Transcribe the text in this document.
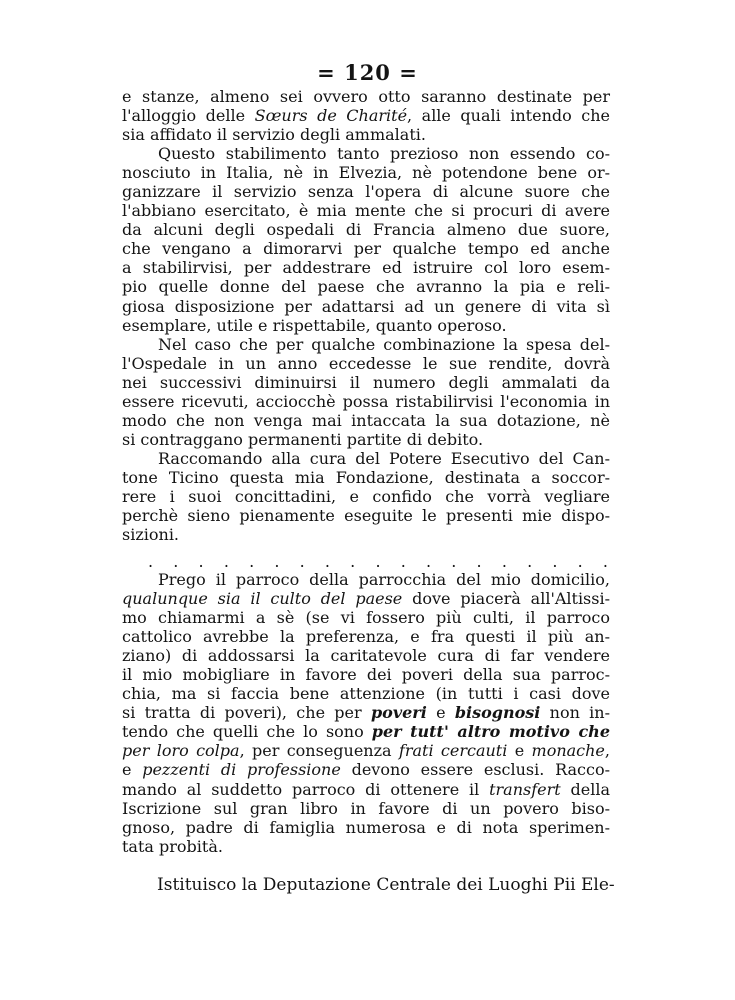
= 120 =
e stanze, almeno sei ovvero otto saranno destinate per
l'alloggio delle Sœurs de Charité, alle quali intendo che
sia affidato il servizio degli ammalati.
Questo stabilimento tanto prezioso non essendo co-
nosciuto in Italia, nè in Elvezia, nè potendone bene or-
ganizzare il servizio senza l'opera di alcune suore che
l'abbiano esercitato, è mia mente che si procuri di avere
da alcuni degli ospedali di Francia almeno due suore,
che vengano a dimorarvi per qualche tempo ed anche
a stabilirvisi, per addestrare ed istruire col loro esem-
pio quelle donne del paese che avranno la pia e reli-
giosa disposizione per adattarsi ad un genere di vita sì
esemplare, utile e rispettabile, quanto operoso.
Nel caso che per qualche combinazione la spesa del-
l'Ospedale in un anno eccedesse le sue rendite, dovrà
nei successivi diminuirsi il numero degli ammalati da
essere ricevuti, acciocchè possa ristabilirvisi l'economia in
modo che non venga mai intaccata la sua dotazione, nè
si contraggano permanenti partite di debito.
Raccomando alla cura del Potere Esecutivo del Can-
tone Ticino questa mia Fondazione, destinata a soccor-
rere i suoi concittadini, e confido che vorrà vegliare
perchè sieno pienamente eseguite le presenti mie dispo-
sizioni.
. . . . . . . . . . . . . . . . . . .
Prego il parroco della parrocchia del mio domicilio,
qualunque sia il culto del paese dove piacerà all'Altissi-
mo chiamarmi a sè (se vi fossero più culti, il parroco
cattolico avrebbe la preferenza, e fra questi il più an-
ziano) di addossarsi la caritatevole cura di far vendere
il mio mobigliare in favore dei poveri della sua parroc-
chia, ma si faccia bene attenzione (in tutti i casi dove
si tratta di poveri), che per poveri e bisognosi non in-
tendo che quelli che lo sono per tutt' altro motivo che
per loro colpa, per conseguenza frati cercauti e monache,
e pezzenti di professione devono essere esclusi. Racco-
mando al suddetto parroco di ottenere il transfert della
Iscrizione sul gran libro in favore di un povero biso-
gnoso, padre di famiglia numerosa e di nota sperimen-
tata probità.
Istituisco la Deputazione Centrale dei Luoghi Pii Ele-
